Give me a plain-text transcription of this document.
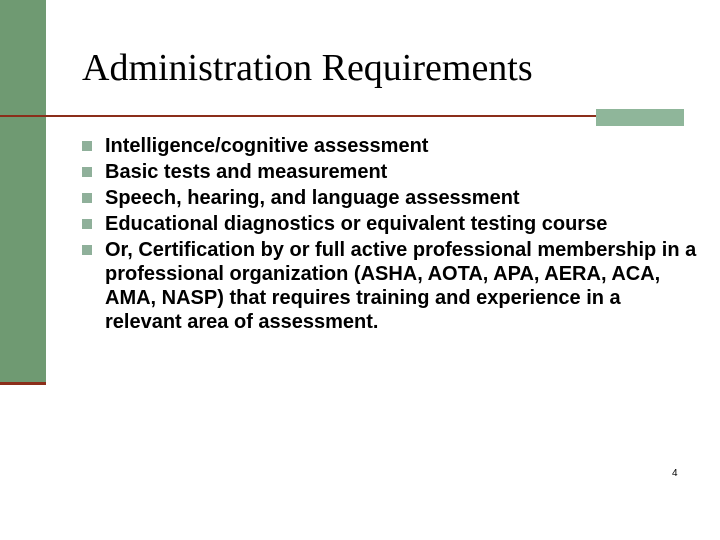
Administration Requirements
Intelligence/cognitive assessment
Basic tests and measurement
Speech, hearing, and language assessment
Educational diagnostics or equivalent testing course
Or, Certification by or full active professional membership in a professional organization (ASHA, AOTA, APA, AERA, ACA, AMA, NASP) that requires training and experience in a relevant area of assessment.
4
